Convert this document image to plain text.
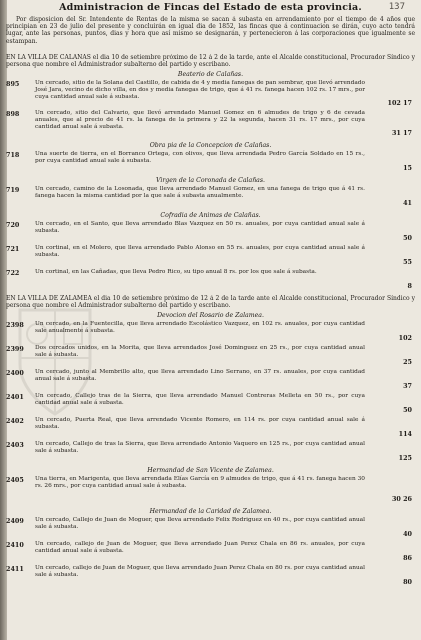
137
Administracion de Fincas del Estado de esta provincia.

Por disposicion del Sr. Intendente de Rentas de la misma se sacan á subasta en arrendamiento por el tiempo de 4 años que principian en 23 de julio del presente y concluirán en igual dia de 1852, las fincas que á continuacion se dirán, cuyo acto tendrá lugar, ante las personas, puntos, dias y hora que así mismo se designarán, y pertenecieron á las corporaciones que igualmente se estampan.

EN LA VILLA DE CALAÑAS el dia 10 de setiembre próximo de 12 á 2 de la tarde, ante el Alcalde constitucional, Procurador Síndico y persona que nombre el Administrador subalterno del partido y escribano.

Beaterio de Calañas.
895	Un cercado, sitio de la Solana del Castillo, de cabida de 4 y media fanegas de pan sembrar, que llevó arrendado José Jara, vecino de dicho villa, en dos y media fanegas de trigo, que á 41 rs. fanega hacen 102 rs. 17 mrs., por cuya cantidad anual sale á subasta.

102 17
898	Un cercado, sitio del Calvario, que llevó arrendado Manuel Gomez en 6 almudes de trigo y 6 de cevada anuales, que al precio de 41 rs. la fanega de la primera y 22 la segunda, hacen 31 rs. 17 mrs., por cuya cantidad anual sale á subasta.

31 17
Obra pia de la Concepcion de Calañas.
718	Una suerte de tierra, en el Borranco Ortega, con olivos, que lleva arrendada Pedro García Soldado en 15 rs., por cuya cantidad anual sale á subasta.

15
Virgen de la Coronada de Calañas.
719	Un cercado, camino de la Losonada, que lleva arrendado Manuel Gomez, en una fanega de trigo que á 41 rs. fanega hacen la misma cantidad por la que sale á subasta anualmente.

41
Cofradia de Animas de Calañas.
720	Un cercado, en el Santo, que lleva arrendado Blas Vazquez en 50 rs. anuales, por cuya cantidad anual sale á subasta.

50
721	Un cortinal, en el Molero, que lleva arrendado Pablo Alonso en 55 rs. anuales, por cuya cantidad anual sale á subasta.

55
722	Un cortinal, en las Cañadas, que lleva Pedro Rico, su tipo anual 8 rs. por los que sale á subasta.

8

EN LA VILLA DE ZALAMEA el dia 10 de setiembre próximo de 12 á 2 de la tarde ante el Alcalde constitucional, Procurador Síndico y persona que nombre el Administrador subalterno del partido y escribano.

Devocion del Rosario de Zalamea.
2398	Un cercado, en la Fuentecilla, que lleva arrendado Escolástico Vazquez, en 102 rs. anuales, por cuya cantidad sale anualmente á subasta.

102
2399	Dos cercados unidos, en la Morita, que lleva arrendados José Dominguez en 25 rs., por cuya cantidad anual sale á subasta.

25
2400	Un cercado, junto al Membrillo alto, que lleva arrendado Lino Serrano, en 37 rs. anuales, por cuya cantidad anual sale á subasta.

37
2401	Un cercado, Callejo tras de la Sierra, que lleva arrendado Manuel Contreras Melleta en 50 rs., por cuya cantidad anual sale á subasta.

50
2402	Un cercado, Puerta Real, que lleva arrendado Vicente Romero, en 114 rs. por cuya cantidad anual sale á subasta.

114
2403	Un cercado, Callejo de tras la Sierra, que lleva arrendado Antonio Vaquero en 125 rs., por cuya cantidad anual sale á subasta.

125
Hermandad de San Vicente de Zalamea.
2405	Una tierra, en Marigenta, que lleva arrendada Elías García en 9 almudes de trigo, que á 41 rs. fanega hacen 30 rs. 26 mrs., por cuya cantidad anual sale á subasta.

30 26
Hermandad de la Caridad de Zalamea.
2409	Un cercado, Callejo de Juan de Moguer, que lleva arrendado Felix Rodriguez en 40 rs., por cuya cantidad anual sale á subasta.

40
2410	Un cercado, callejo de Juan de Moguer, que lleva arrendado Juan Perez Chala en 86 rs. anuales, por cuya cantidad anual sale á subasta.

86
2411	Un cercado, callejo de Juan de Moguer, que lleva arrendado Juan Perez Chala en 80 rs. por cuya cantidad anual sale á subasta.

80
